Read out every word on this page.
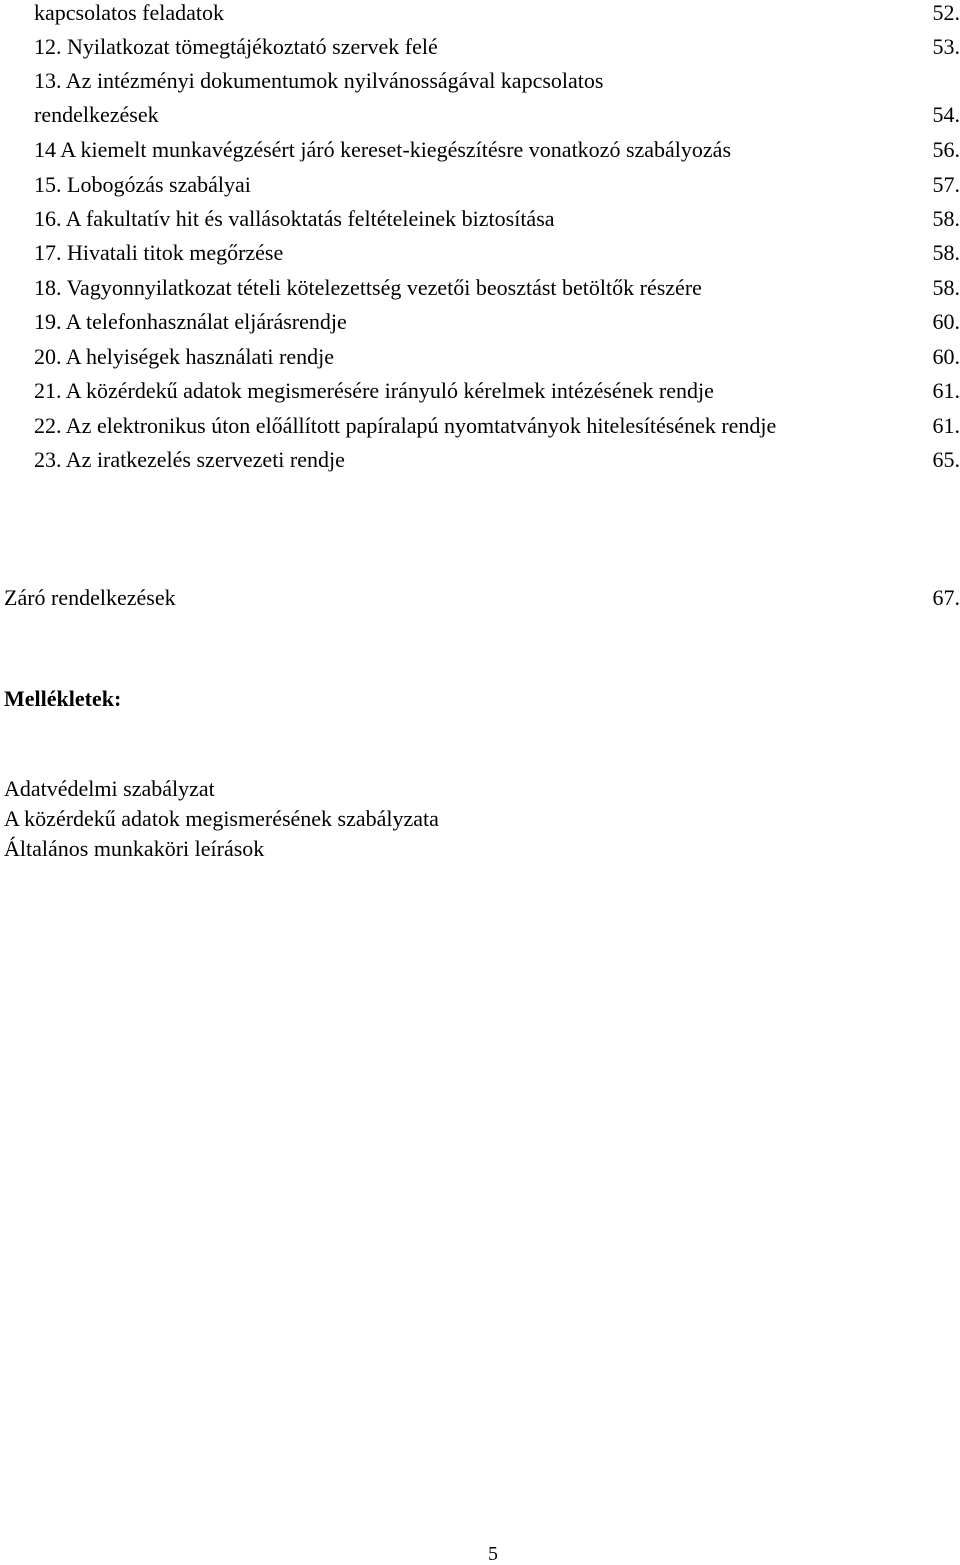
kapcsolatos feladatok	52.
12. Nyilatkozat tömegtájékoztató szervek felé	53.
13. Az intézményi dokumentumok nyilvánosságával kapcsolatos
rendelkezések	54.
14 A kiemelt munkavégzésért járó kereset-kiegészítésre vonatkozó szabályozás	56.
15. Lobogózás szabályai	57.
16. A fakultatív hit és vallásoktatás feltételeinek biztosítása	58.
17. Hivatali titok megőrzése	58.
18. Vagyonnyilatkozat tételi kötelezettség vezetői beosztást betöltők részére	58.
19. A telefonhasználat eljárásrendje	60.
20. A helyiségek használati rendje	60.
21. A közérdekű adatok megismerésére irányuló kérelmek intézésének rendje	61.
22. Az elektronikus úton előállított papíralapú nyomtatványok hitelesítésének rendje	61.
23. Az iratkezelés szervezeti rendje	65.
Záró rendelkezések	67.
Mellékletek:
Adatvédelmi szabályzat
A közérdekű adatok megismerésének szabályzata
Általános munkaköri leírások
5
